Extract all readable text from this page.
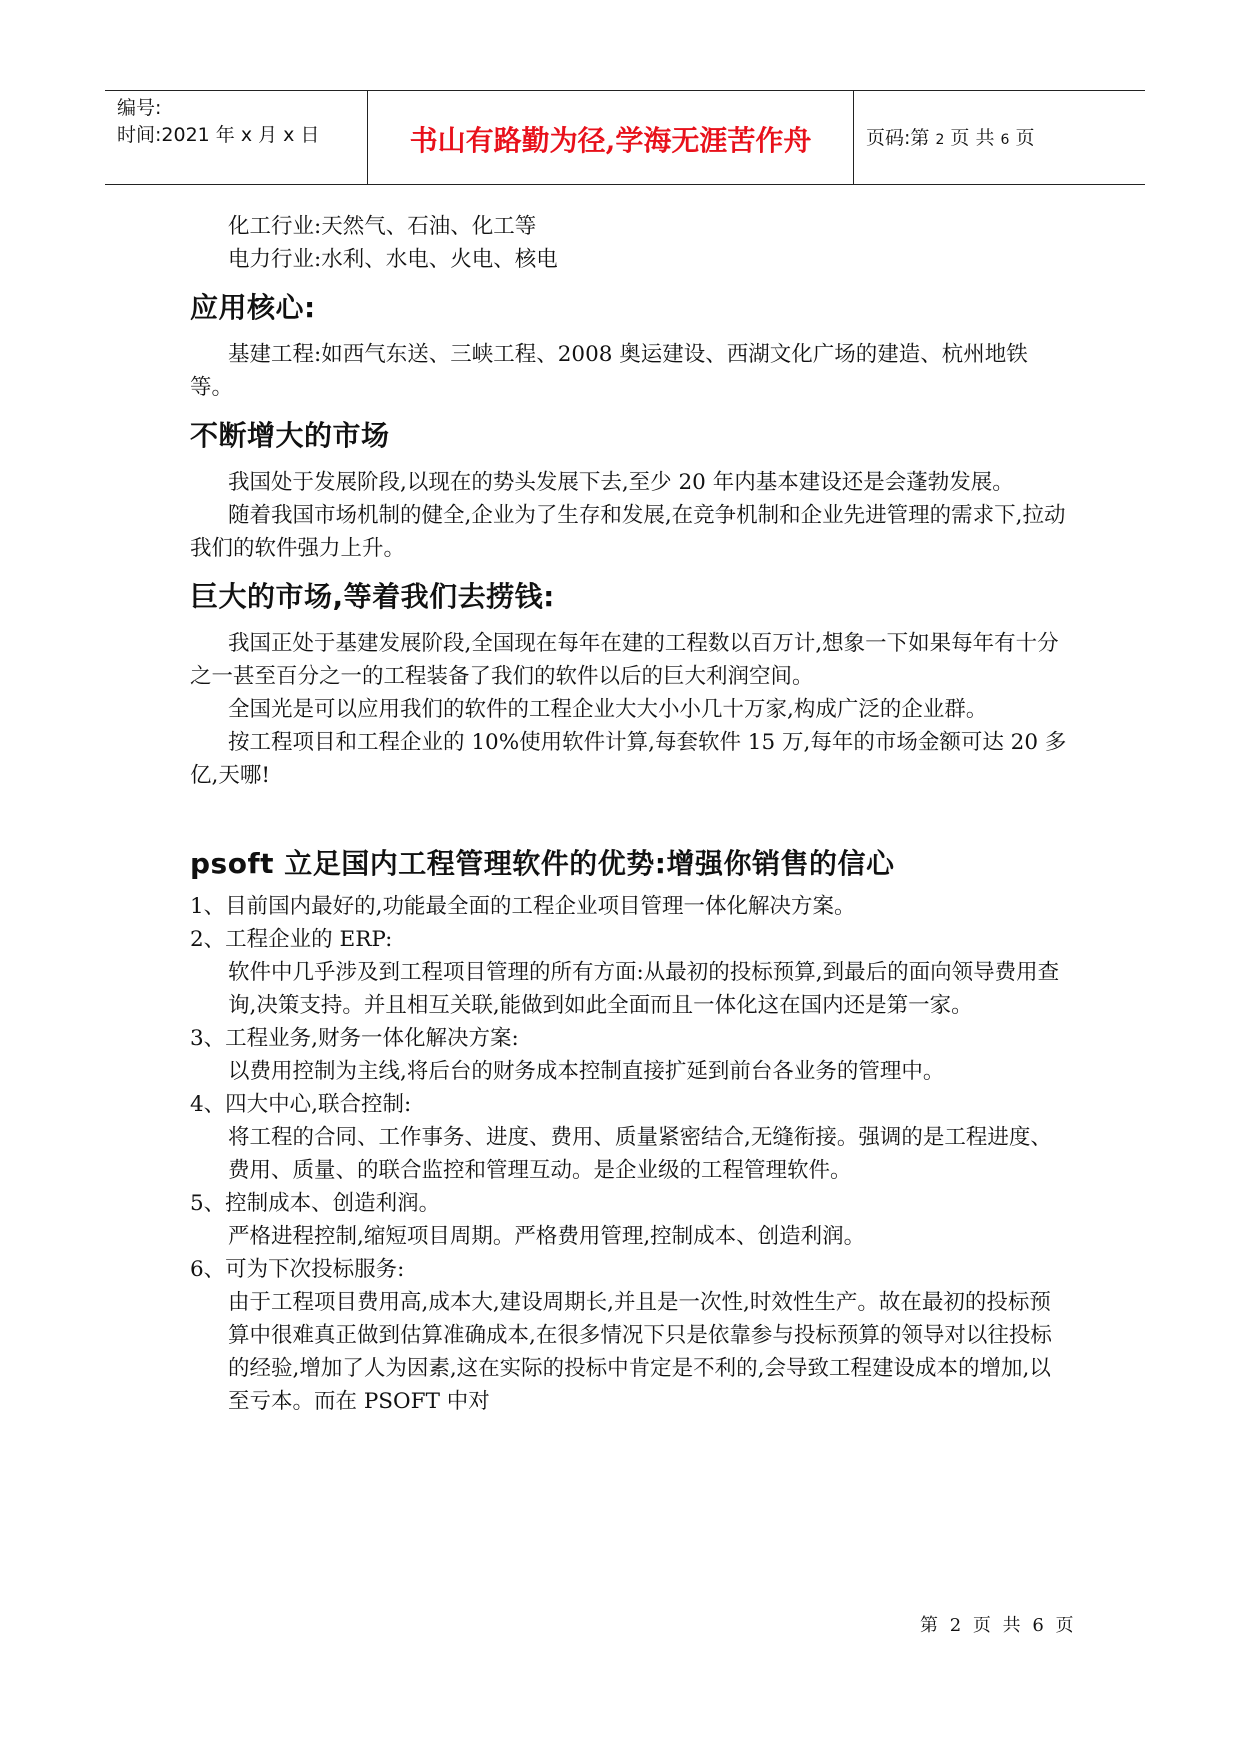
编号:
时间:2021 年 x 月 x 日	书山有路勤为径,学海无涯苦作舟	页码:第 2 页 共 6 页

化工行业:天然气、石油、化工等

电力行业:水利、水电、火电、核电

应用核心:

基建工程:如西气东送、三峡工程、2008 奥运建设、西湖文化广场的建造、杭州地铁等。

不断增大的市场

我国处于发展阶段,以现在的势头发展下去,至少 20 年内基本建设还是会蓬勃发展。

随着我国市场机制的健全,企业为了生存和发展,在竞争机制和企业先进管理的需求下,拉动我们的软件强力上升。

巨大的市场,等着我们去捞钱:

我国正处于基建发展阶段,全国现在每年在建的工程数以百万计,想象一下如果每年有十分之一甚至百分之一的工程装备了我们的软件以后的巨大利润空间。

全国光是可以应用我们的软件的工程企业大大小小几十万家,构成广泛的企业群。

按工程项目和工程企业的 10%使用软件计算,每套软件 15 万,每年的市场金额可达 20 多亿,天哪!

psoft 立足国内工程管理软件的优势:增强你销售的信心

1、目前国内最好的,功能最全面的工程企业项目管理一体化解决方案。

2、工程企业的 ERP:

软件中几乎涉及到工程项目管理的所有方面:从最初的投标预算,到最后的面向领导费用查询,决策支持。并且相互关联,能做到如此全面而且一体化这在国内还是第一家。

3、工程业务,财务一体化解决方案:

以费用控制为主线,将后台的财务成本控制直接扩延到前台各业务的管理中。

4、四大中心,联合控制:

将工程的合同、工作事务、进度、费用、质量紧密结合,无缝衔接。强调的是工程进度、费用、质量、的联合监控和管理互动。是企业级的工程管理软件。

5、控制成本、创造利润。

严格进程控制,缩短项目周期。严格费用管理,控制成本、创造利润。

6、可为下次投标服务:

由于工程项目费用高,成本大,建设周期长,并且是一次性,时效性生产。故在最初的投标预算中很难真正做到估算准确成本,在很多情况下只是依靠参与投标预算的领导对以往投标的经验,增加了人为因素,这在实际的投标中肯定是不利的,会导致工程建设成本的增加,以至亏本。而在 PSOFT 中对

第 2 页 共 6 页
